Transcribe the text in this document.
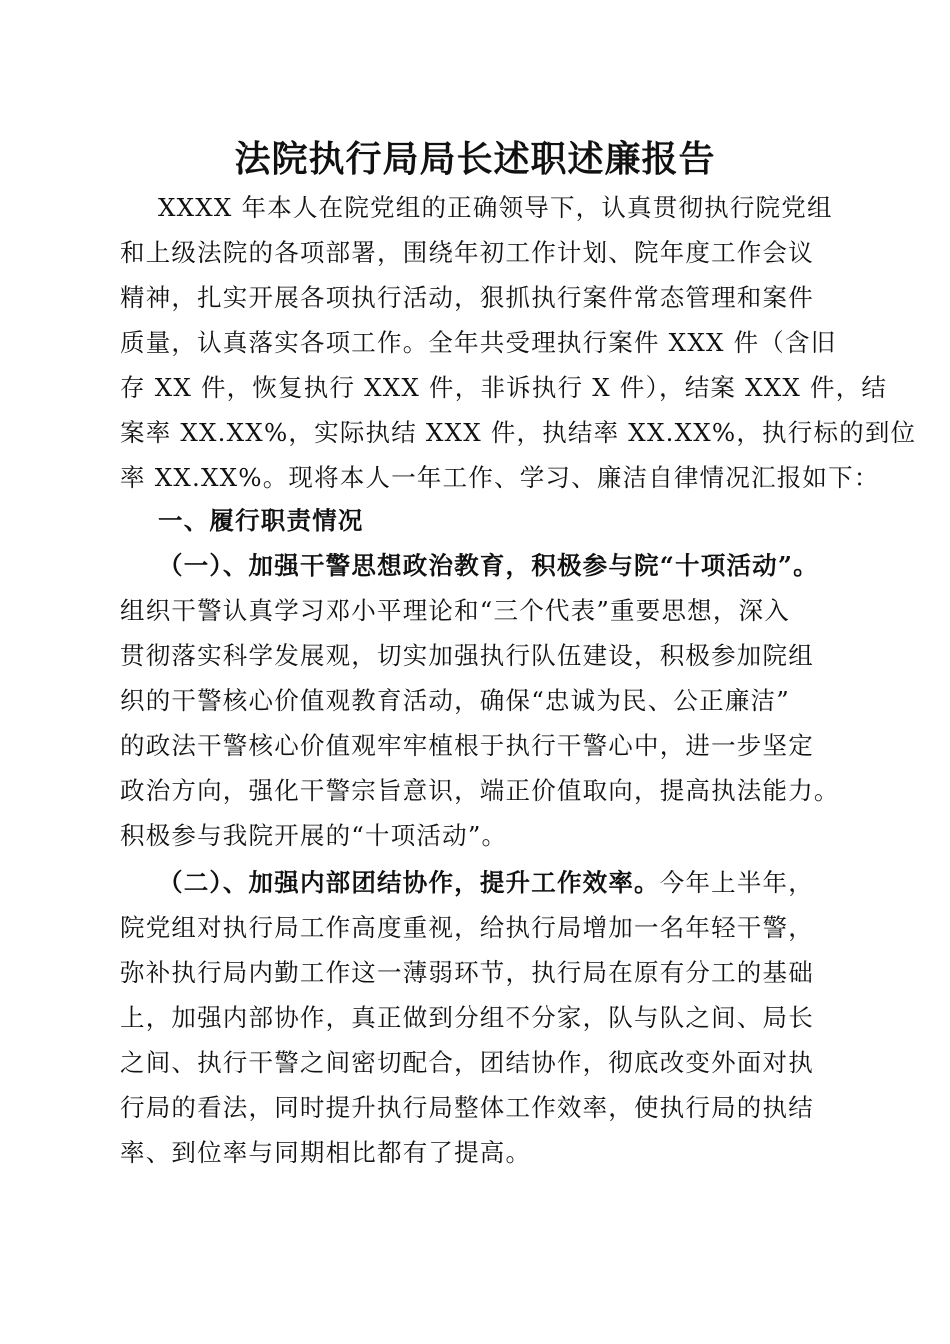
法院执行局局长述职述廉报告
XXXX 年本人在院党组的正确领导下，认真贯彻执行院党组
和上级法院的各项部署，围绕年初工作计划、院年度工作会议
精神，扎实开展各项执行活动，狠抓执行案件常态管理和案件
质量，认真落实各项工作。全年共受理执行案件 XXX 件（含旧
存 XX 件，恢复执行 XXX 件，非诉执行 X 件），结案 XXX 件，结
案率 XX.XX%，实际执结 XXX 件，执结率 XX.XX%，执行标的到位
率 XX.XX%。现将本人一年工作、学习、廉洁自律情况汇报如下：
一、履行职责情况
（一）、加强干警思想政治教育，积极参与院“十项活动”。
组织干警认真学习邓小平理论和“三个代表”重要思想，深入
贯彻落实科学发展观，切实加强执行队伍建设，积极参加院组
织的干警核心价值观教育活动，确保“忠诚为民、公正廉洁”
的政法干警核心价值观牢牢植根于执行干警心中，进一步坚定
政治方向，强化干警宗旨意识，端正价值取向，提高执法能力。
积极参与我院开展的“十项活动”。
（二）、加强内部团结协作，提升工作效率。今年上半年，
院党组对执行局工作高度重视，给执行局增加一名年轻干警，
弥补执行局内勤工作这一薄弱环节，执行局在原有分工的基础
上，加强内部协作，真正做到分组不分家，队与队之间、局长
之间、执行干警之间密切配合，团结协作，彻底改变外面对执
行局的看法，同时提升执行局整体工作效率，使执行局的执结
率、到位率与同期相比都有了提高。
